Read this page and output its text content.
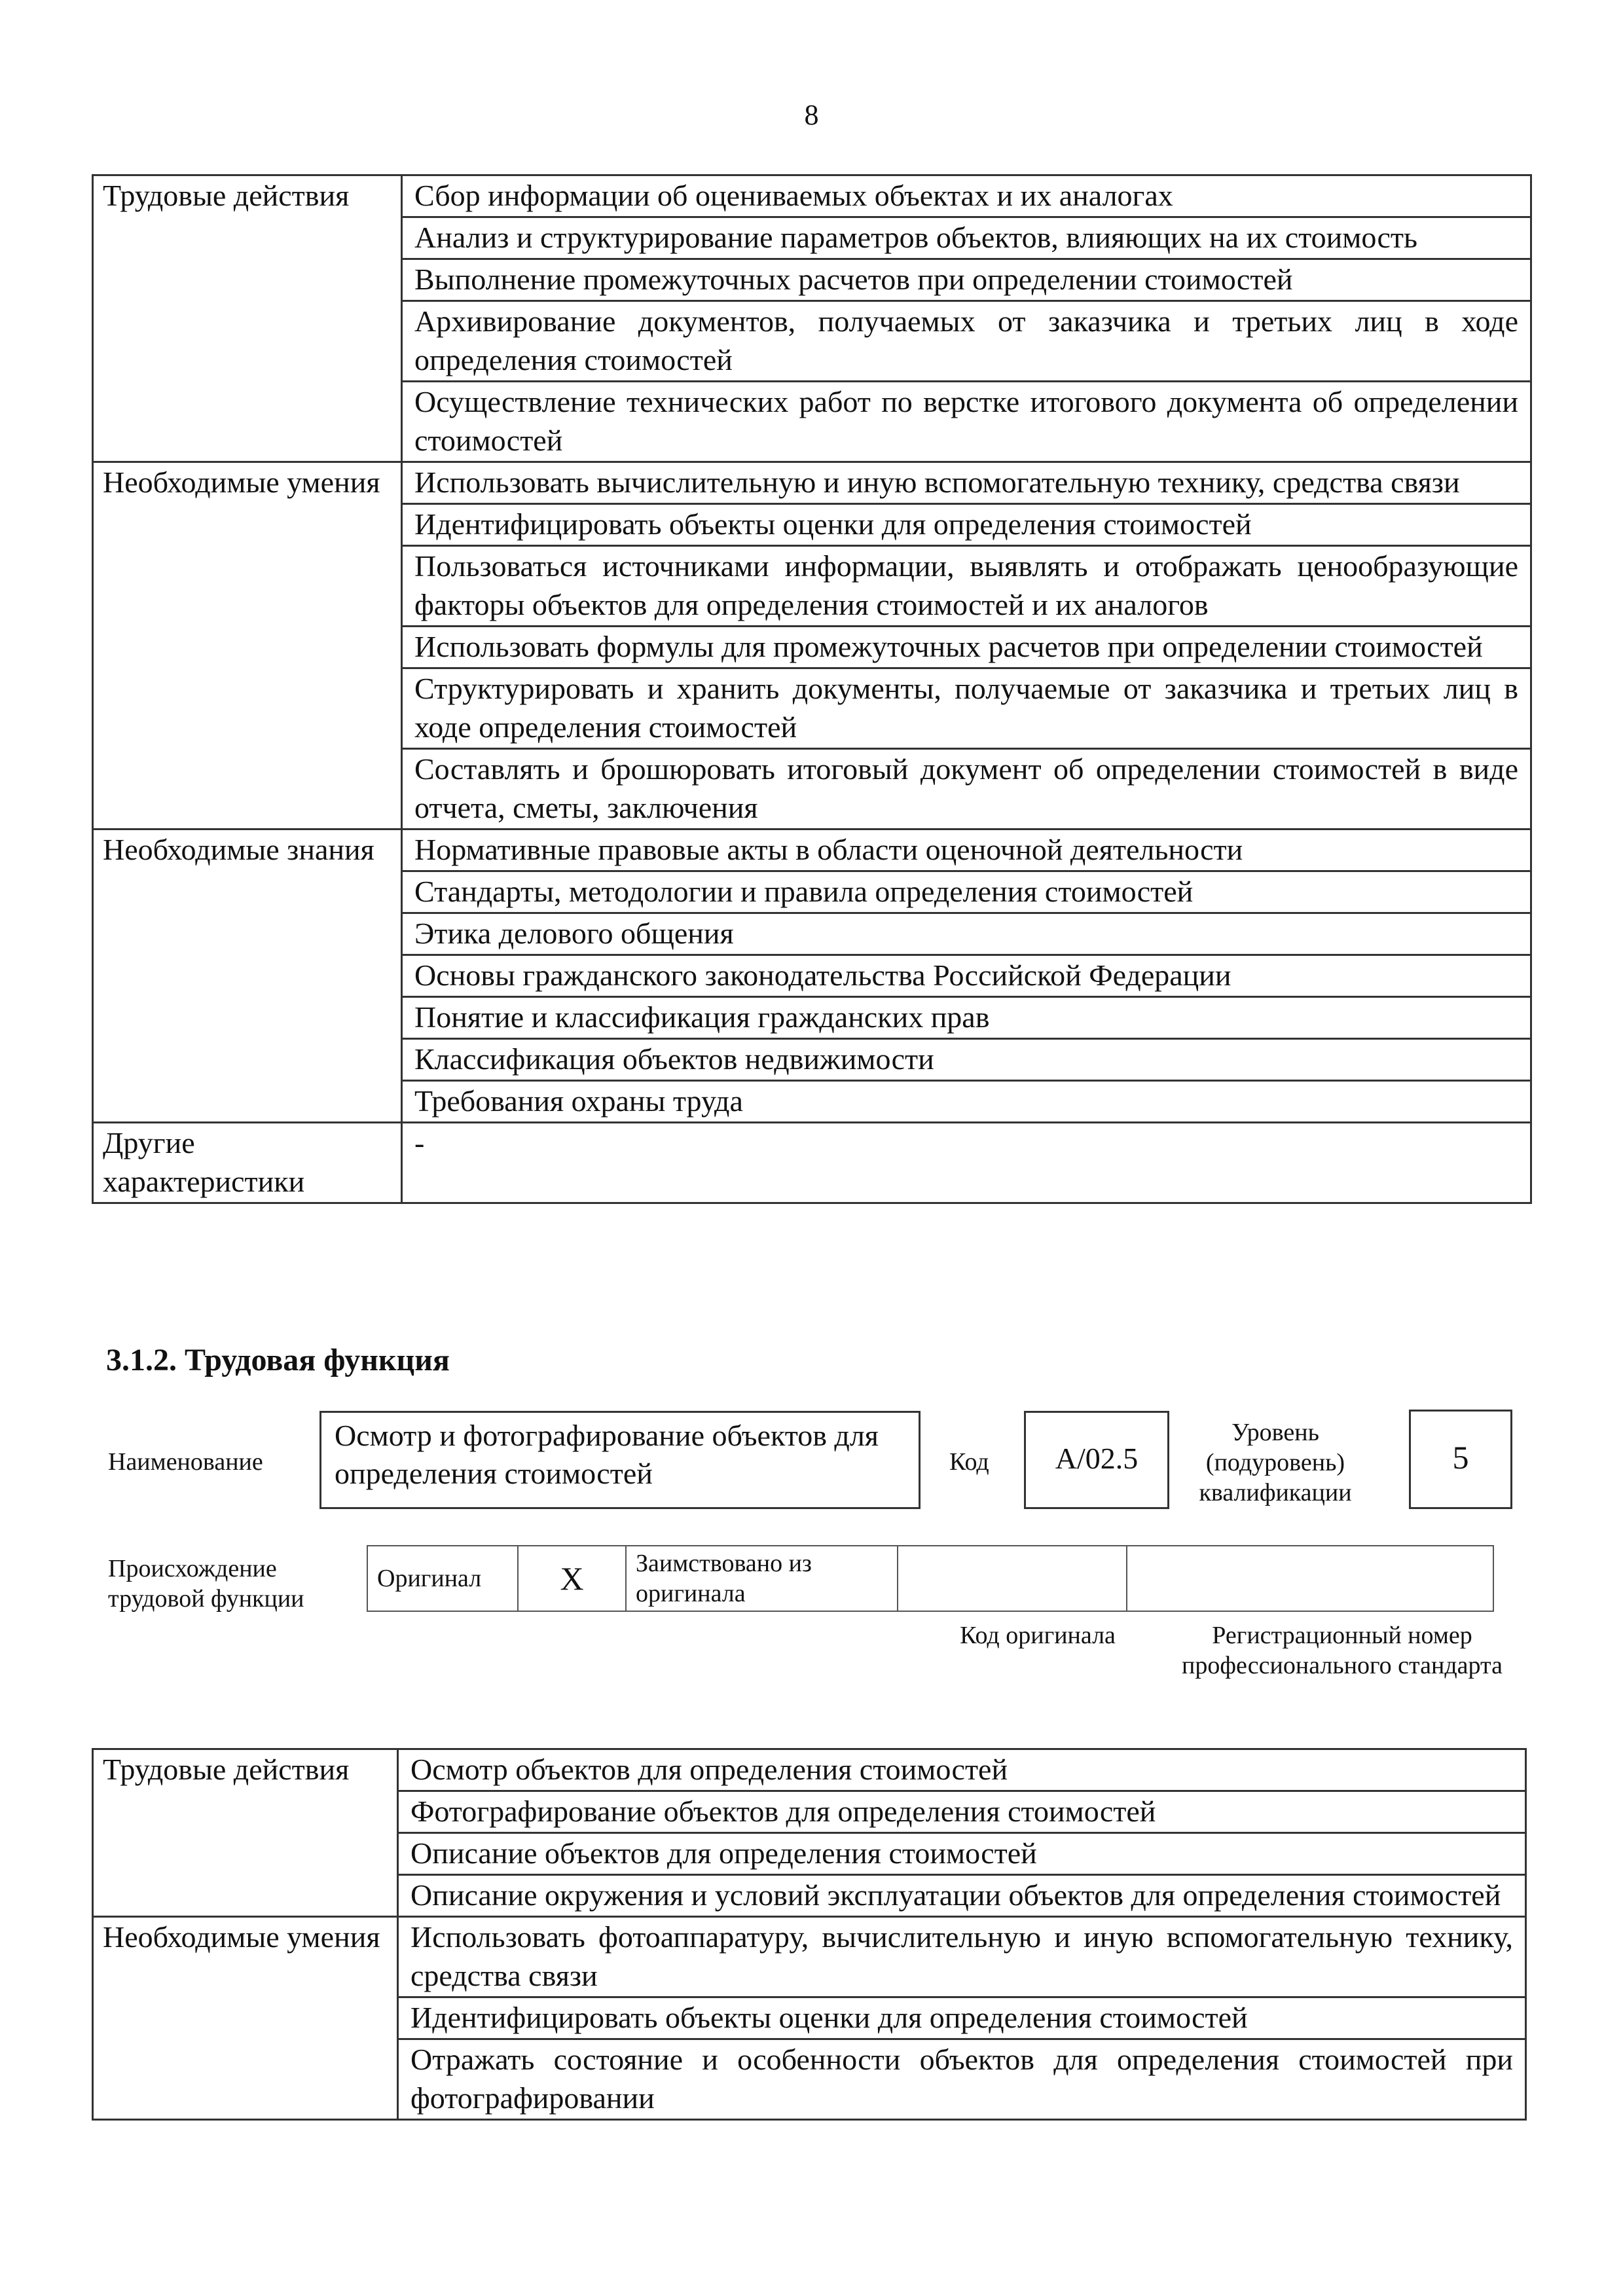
8
Трудовые действия	Сбор информации об оцениваемых объектах и их аналогах
	Анализ и структурирование параметров объектов, влияющих на их стоимость
	Выполнение промежуточных расчетов при определении стоимостей
	Архивирование документов, получаемых от заказчика и третьих лиц в ходе определения стоимостей
	Осуществление технических работ по верстке итогового документа об определении стоимостей
Необходимые умения	Использовать вычислительную и иную вспомогательную технику, средства связи
	Идентифицировать объекты оценки для определения стоимостей
	Пользоваться источниками информации, выявлять и отображать ценообразующие факторы объектов для определения стоимостей и их аналогов
	Использовать формулы для промежуточных расчетов при определении стоимостей
	Структурировать и хранить документы, получаемые от заказчика и третьих лиц в ходе определения стоимостей
	Составлять и брошюровать итоговый документ об определении стоимостей в виде отчета, сметы, заключения
Необходимые знания	Нормативные правовые акты в области оценочной деятельности
	Стандарты, методологии и правила определения стоимостей
	Этика делового общения
	Основы гражданского законодательства Российской Федерации
	Понятие и классификация гражданских прав
	Классификация объектов недвижимости
	Требования охраны труда
Другие характеристики	-
3.1.2. Трудовая функция
Наименование
Осмотр и фотографирование объектов для определения стоимостей	Код	A/02.5
Уровень (подуровень) квалификации
5
Происхождение трудовой функции
Оригинал	X	Заимствовано из оригинала		
Код оригинала	Регистрационный номер профессионального стандарта
Трудовые действия	Осмотр объектов для определения стоимостей
	Фотографирование объектов для определения стоимостей
	Описание объектов для определения стоимостей
	Описание окружения и условий эксплуатации объектов для определения стоимостей
Необходимые умения	Использовать фотоаппаратуру, вычислительную и иную вспомогательную технику, средства связи
	Идентифицировать объекты оценки для определения стоимостей
	Отражать состояние и особенности объектов для определения стоимостей при фотографировании
